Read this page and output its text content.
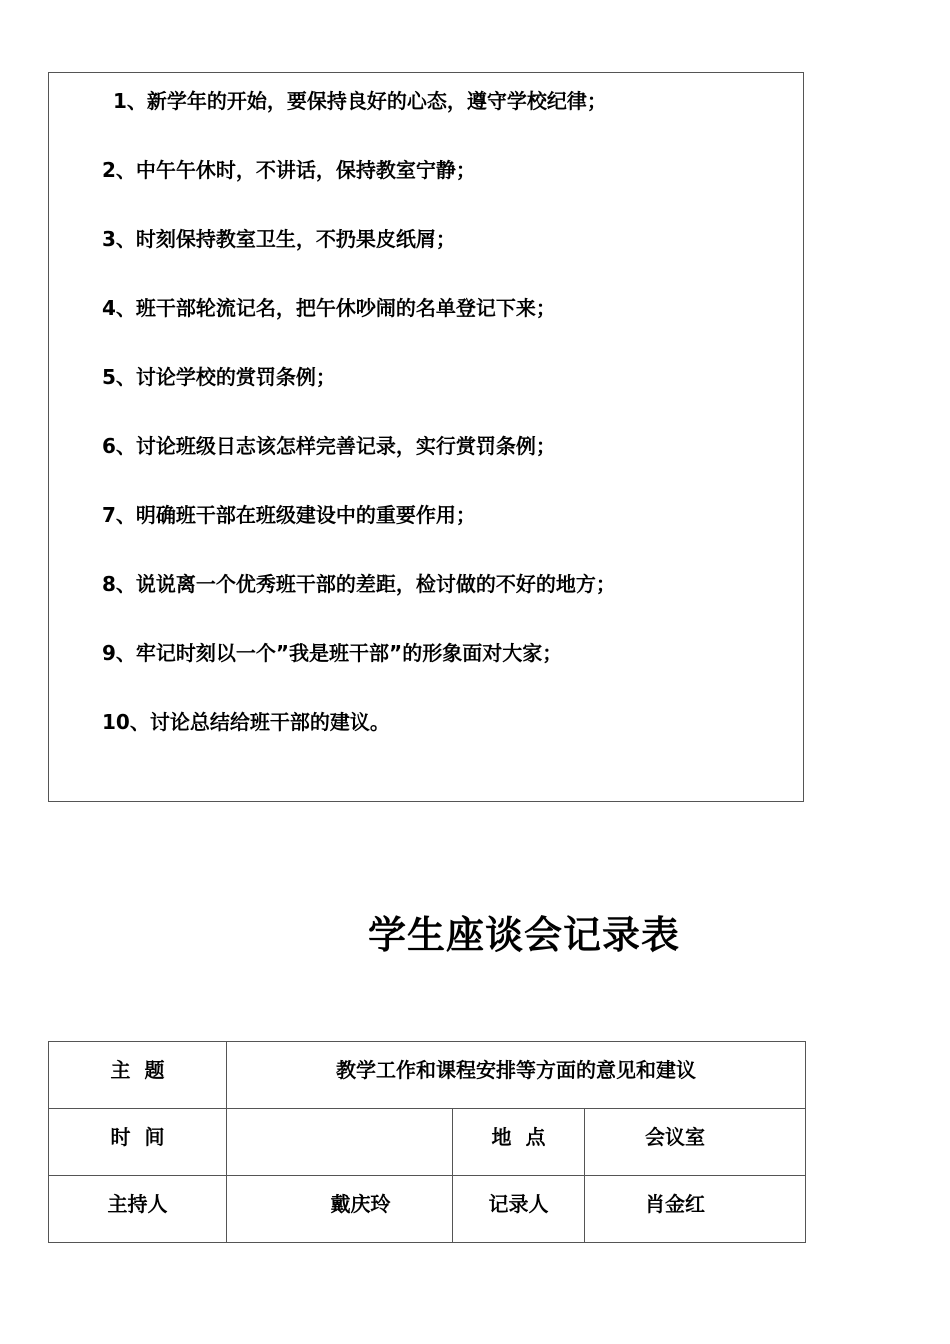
1、新学年的开始，要保持良好的心态，遵守学校纪律；
2、中午午休时，不讲话，保持教室宁静；
3、时刻保持教室卫生，不扔果皮纸屑；
4、班干部轮流记名，把午休吵闹的名单登记下来；
5、讨论学校的赏罚条例；
6、讨论班级日志该怎样完善记录，实行赏罚条例；
7、明确班干部在班级建设中的重要作用；
8、说说离一个优秀班干部的差距，检讨做的不好的地方；
9、牢记时刻以一个”我是班干部”的形象面对大家；
10、讨论总结给班干部的建议。
学生座谈会记录表
主  题	教学工作和课程安排等方面的意见和建议		
时  间		地  点	会议室
主持人	戴庆玲	记录人	肖金红
